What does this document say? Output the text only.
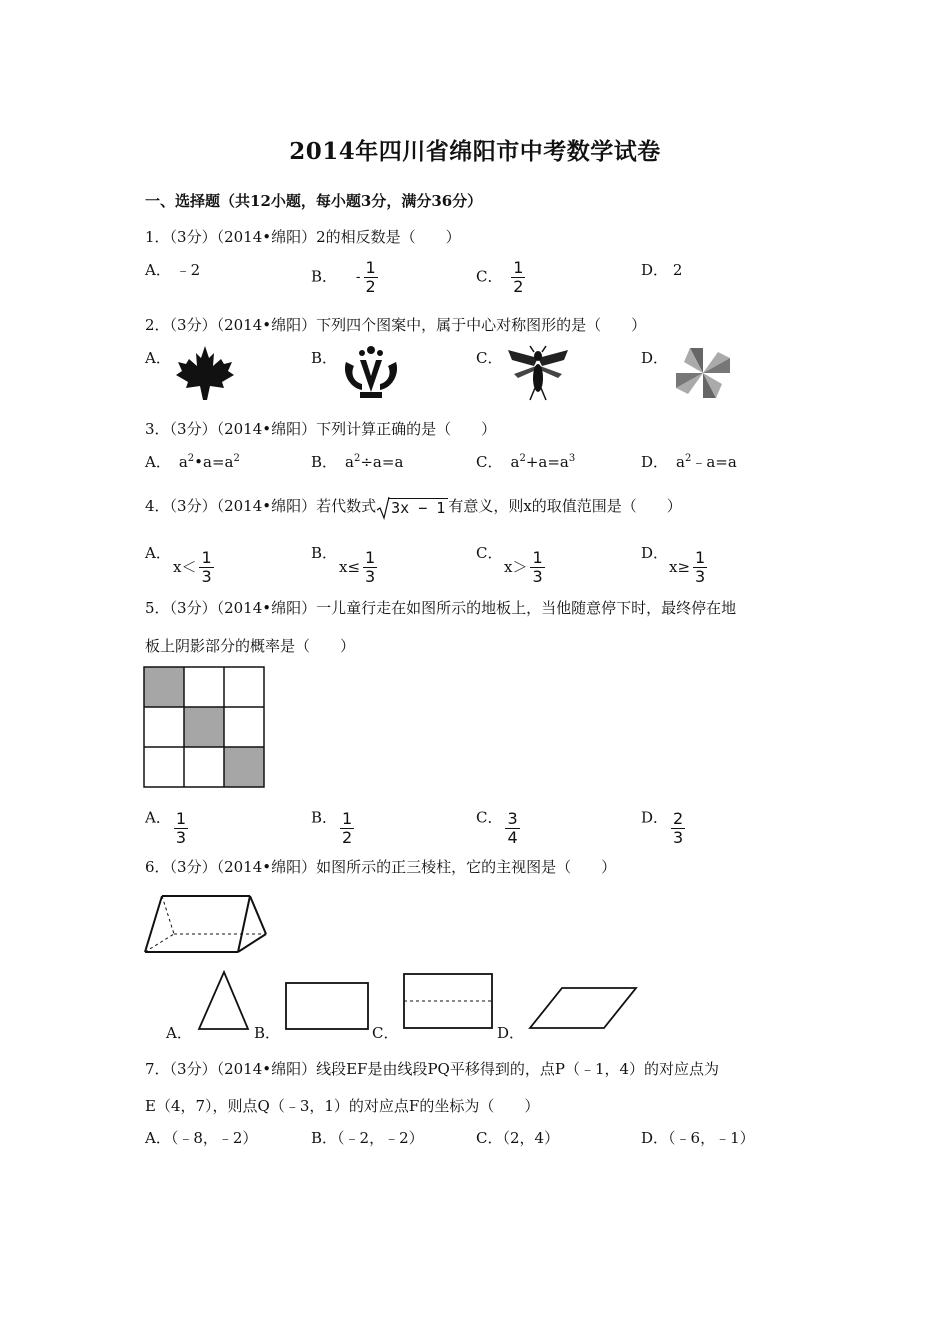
2014年四川省绵阳市中考数学试卷
一、选择题（共12小题，每小题3分，满分36分）
1．（3分）（2014•绵阳）2的相反数是（　　）
A． ﹣2	B． - $\frac{1}{2}$	C． $\frac{1}{2}$	D． 2
2．（3分）（2014•绵阳）下列四个图案中，属于中心对称图形的是（　　）
A．	B．	C．	D．
3．（3分）（2014•绵阳）下列计算正确的是（　　）
A． $a^2•a=a^2$	B． $a^2\div a=a$	C． $a^2+a=a^3$	D． $a^2﹣a=a$
4．（3分）（2014•绵阳）若代数式 3x − 1 有意义，则x的取值范围是（　　）
A．
$x< \frac{1}{3}$	B．
$x\le \frac{1}{3}$	C．
$x> \frac{1}{3}$	D．
$x\ge \frac{1}{3}$
5．（3分）（2014•绵阳）一儿童行走在如图所示的地板上，当他随意停下时，最终停在地
板上阴影部分的概率是（　　）
A． $\frac{1}{3}$	B． $\frac{1}{2}$	C． $\frac{3}{4}$	D． $\frac{2}{3}$
6．（3分）（2014•绵阳）如图所示的正三棱柱，它的主视图是（　　）
A．	B．	C．	D．
7．（3分）（2014•绵阳）线段EF是由线段PQ平移得到的，点P（﹣1，4）的对应点为
E（4，7），则点Q（﹣3，1）的对应点F的坐标为（　　）
A．（﹣8，﹣2）	B．（﹣2，﹣2）	C．（2，4）	D．（﹣6，﹣1）
